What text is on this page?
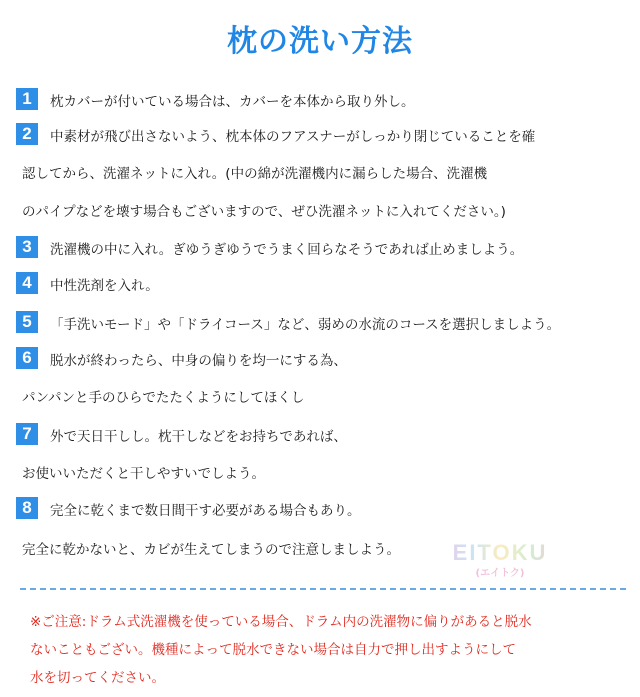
枕の洗い方法
1	枕カバーが付いている場合は、カバーを本体から取り外し。
2	中素材が飛び出さないよう、枕本体のフアスナーがしっかり閉じていることを確
認してから、洗濯ネットに入れ。(中の綿が洗濯機内に漏らした場合、洗濯機
のパイプなどを壊す場合もございますので、ぜひ洗濯ネットに入れてください。)
3	洗濯機の中に入れ。ぎゆうぎゆうでうまく回らなそうであれば止めましよう。
4	中性洗剤を入れ。
5	「手洗いモード」や「ドライコース」など、弱めの水流のコースを選択しましよう。
6	脱水が終わったら、中身の偏りを均一にする為、
パンパンと手のひらでたたくようにしてほくし
7	外で天日干しし。枕干しなどをお持ちであれば、
お使いいただくと干しやすいでしよう。
8	完全に乾くまで数日間干す必要がある場合もあり。
完全に乾かないと、カビが生えてしまうので注意しましよう。	EITOKU
(エイトク)
※ご注意:ドラム式洗濯機を使っている場合、ドラム内の洗濯物に偏りがあると脱水
ないこともござい。機種によって脱水できない場合は自力で押し出すようにして
水を切ってください。
